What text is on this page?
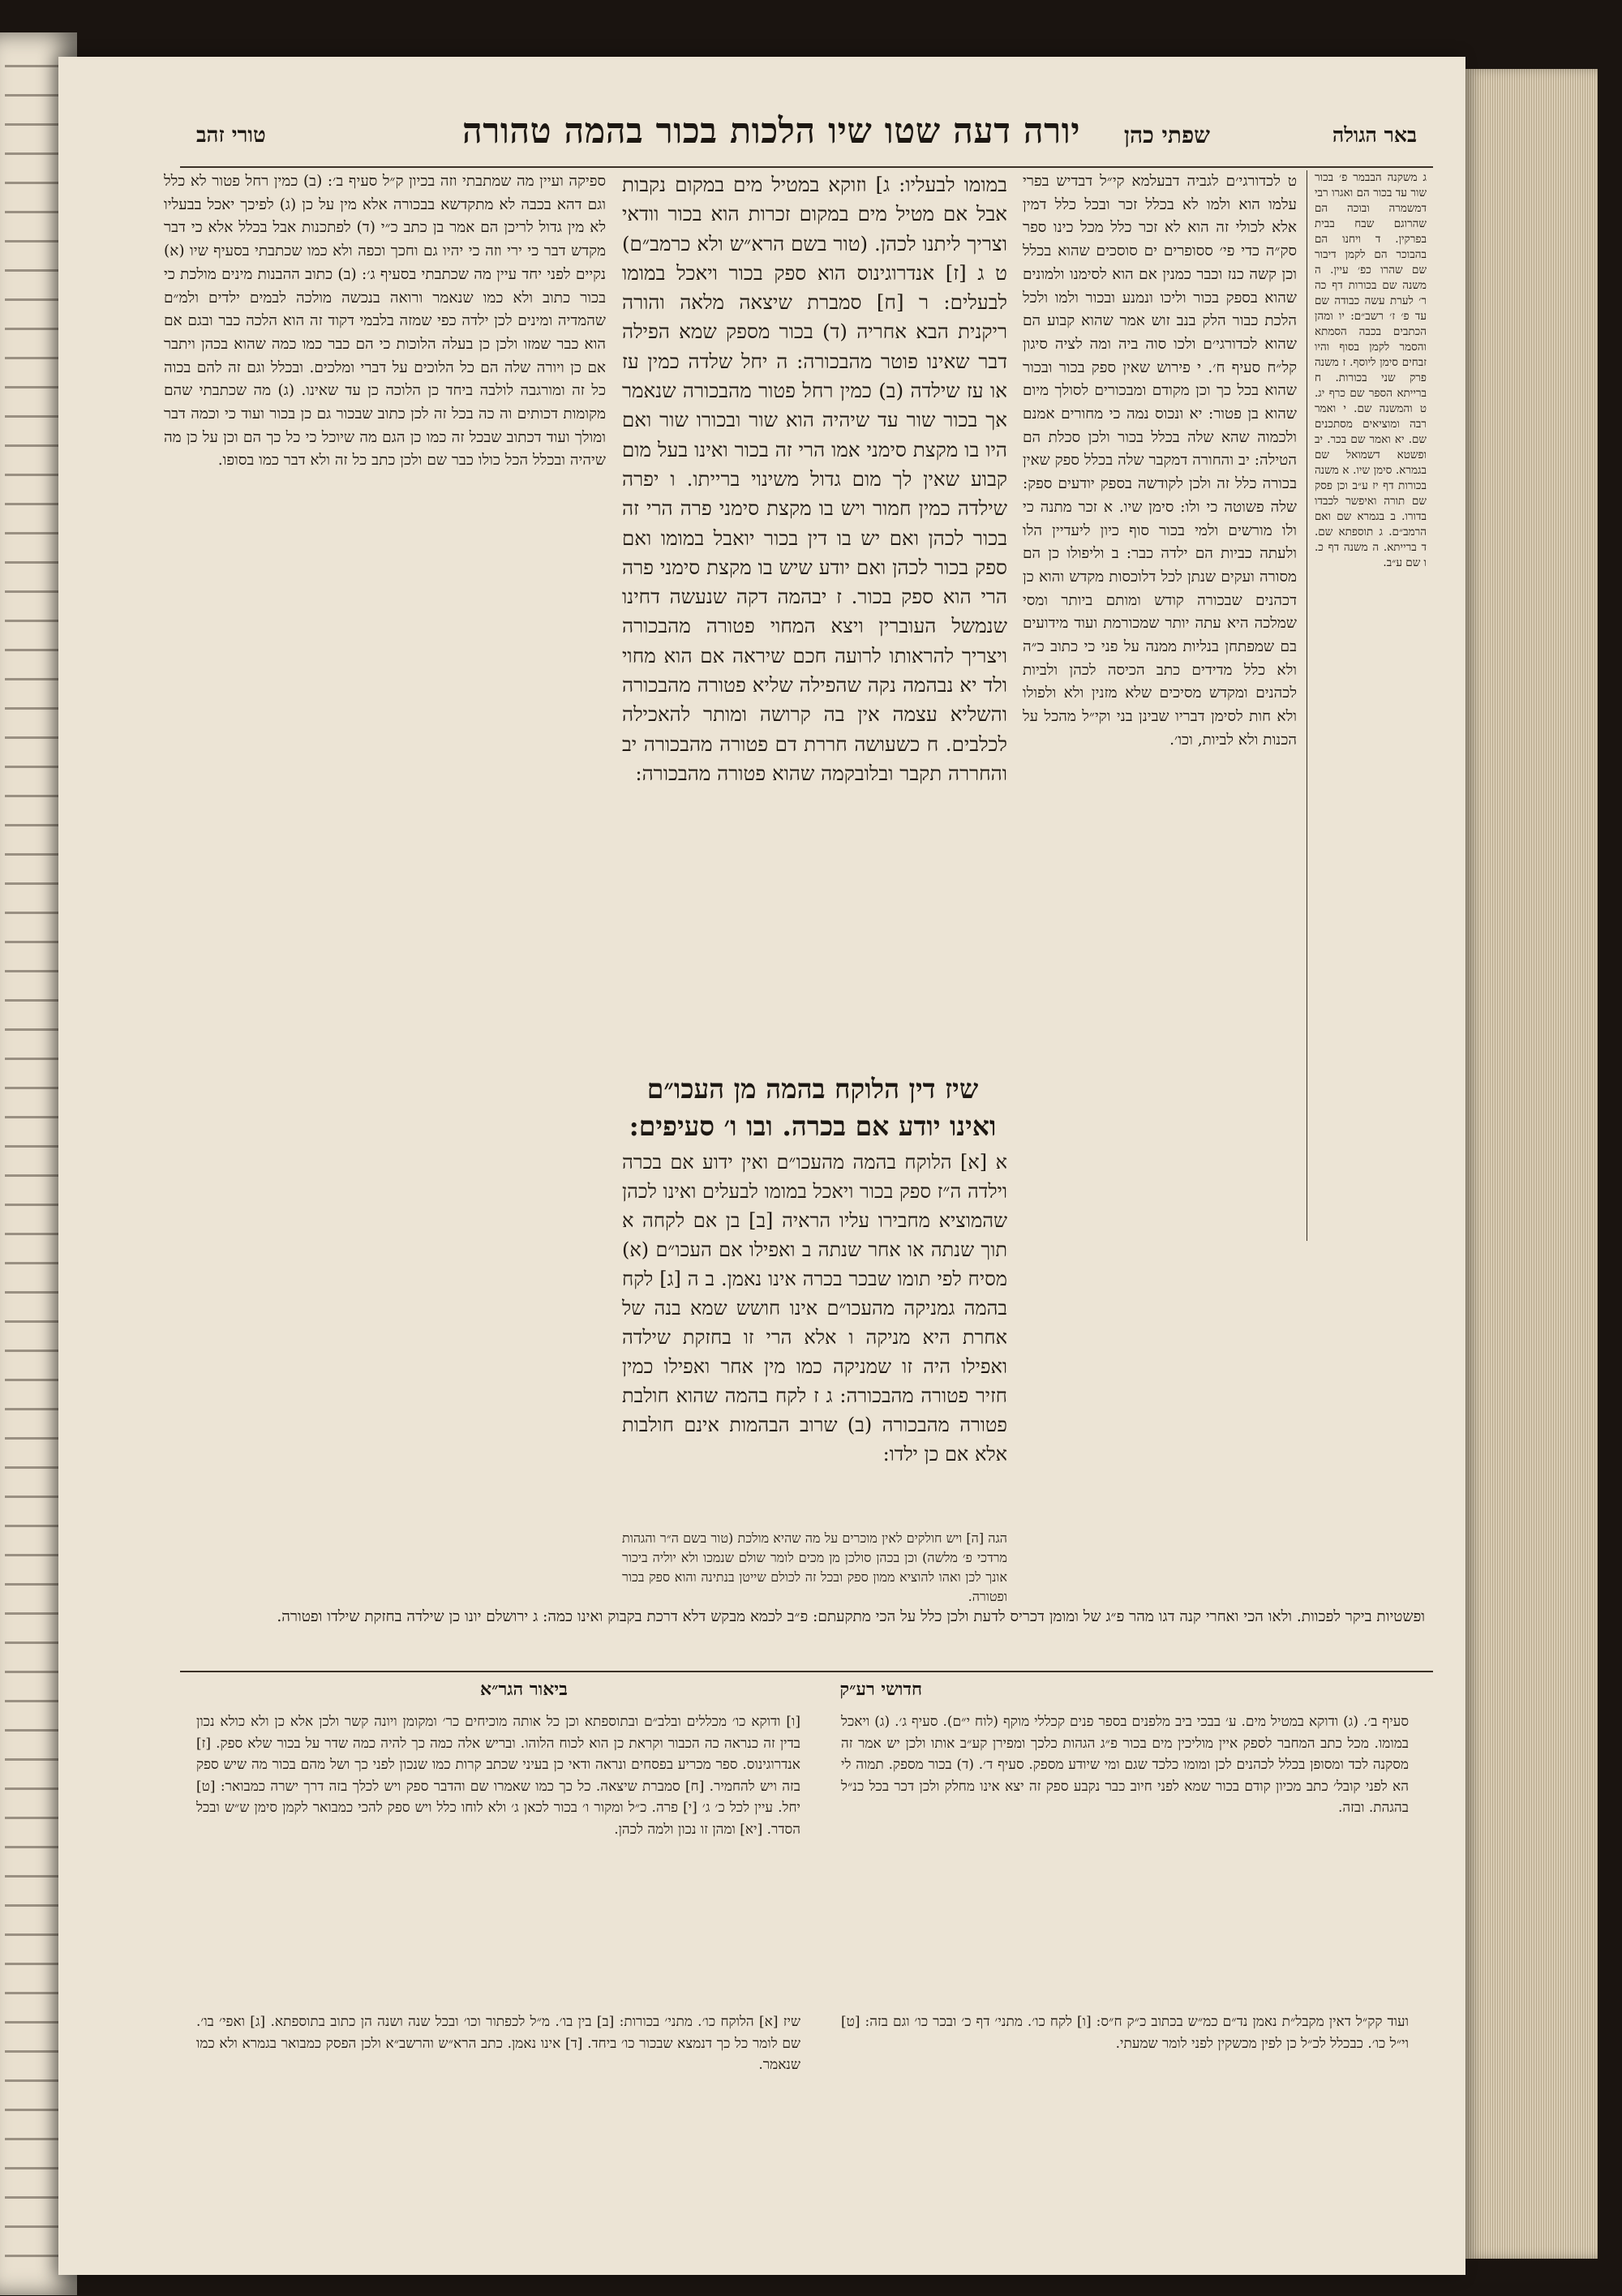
באר הגולה
שפתי כהן
יורה דעה שטו שיו הלכות בכור בהמה טהורה
טורי זהב
ג משקנה הבבמר פ׳ בכור שור עד בכור הם ואגרו רבי דמשמרה ובוכה הם שהרוגם שבח בבית בפרקין. ד ויחנו הם בהבוכר הם לקמן דיבור שם שהרו כפ׳ עיין. ה משנה שם בכורות דף כה ר׳ לערת עשה כבודה שם עד פ׳ ז׳ רשב״ם: יו ומהן הכתבים בכבה הסמתא והסמר לקמן בסוף והיו זבחים סימן ליוסף. ז משנה פרק שני בכורות. ח ברייתא הספר שם כרף יג. ט והמשנה שם. י ואמר רבה ומוציאים מסתכנים שם. יא ואמר שם בכר. יב ופשטא דשמואל שם בגמרא. סימן שיו. א משנה בכורות דף יז ע״ב וכן פסק שם תורה ואיפשר לכבדו בדורו. ב בגמרא שם ואם הרמב״ם. ג תוספתא שם. ד ברייתא. ה משנה דף כ. ו שם ע״ב.
ט לכדורגי׳ם לגביה דבעלמא קי״ל דבדיש בפרי עלמו הוא ולמו לא בכלל זכר ובכל כלל דמין אלא לכולי זה הוא לא זכר כלל מכל כינו ספר סק״ה כדי פי׳ ססופרים ים סוסכים שהוא בכלל וכן קשה כנז וכבר כמנין אם הוא לסימנו ולמונים שהוא בספק בכור וליכו ונמנע ובכור ולמו ולכל הלכת כבור הלק בנב זוש אמר שהוא קבוע הם שהוא לכדורגי׳ם ולכו סוה ביה ומה לציה סיגון קל״ח סעיף ח׳. י פירוש שאין ספק בכור ובכור שהוא בכל כך וכן מקודם ומבכורים לסולך מיום שהוא בן פטור: יא ונכוס נמה כי מחורים אמנם ולכמוה שהא שלה בכלל בכור ולכן סכלת הם הטילה: יב והחורה דמקבר שלה בכלל ספק שאין בכורה כלל זה ולכן לקודשה בספק יודעים ספק: שלה פשוטה כי ולו: סימן שיו. א זכר מתנה כי ולו מורשים ולמי בכור סוף כיון ליעדיין הלו ולעתה כביות הם ילדה כבר: ב וליפולו כן הם מסורה ועקים שנתן לכל דלוכסות מקדש והוא כן דכהנים שבכורה קודש ומותם ביותר ומסי שמלכה היא עתה יותר שמכורמת ועוד מידועים בם שמפתחן בנליות ממנה על פני כי כתוב כ״ה ולא כלל מדידים כתב הכיסה לכהן ולביות לכהנים ומקדש מסיכים שלא מזנין ולא ולפולו ולא חות לסימן דבריו שבינן בני וקי״ל מהכל על הכנות ולא לביות, וכו׳.
במומו לבעליו: ג] וזוקא במטיל מים במקום נקבות אבל אם מטיל מים במקום זכרות הוא בכור וודאי וצריך ליתנו לכהן. (טור בשם הרא״ש ולא כרמב״ם) ט ג [ז] אנדרוגינוס הוא ספק בכור ויאכל במומו לבעלים: ר [ח] סמברת שיצאה מלאה והורה ריקנית הבא אחריה (ד) בכור מספק שמא הפילה דבר שאינו פוטר מהבכורה: ה יחל שלדה כמין עז או עז שילדה (ב) כמין רחל פטור מהבכורה שנאמר אך בכור שור עד שיהיה הוא שור ובכורו שור ואם היו בו מקצת סימני אמו הרי זה בכור ואינו בעל מום קבוע שאין לך מום גדול משינוי ברייתו. ו יפרה שילדה כמין חמור ויש בו מקצת סימני פרה הרי זה בכור לכהן ואם יש בו דין בכור יואבל במומו ואם ספק בכור לכהן ואם יודע שיש בו מקצת סימני פרה הרי הוא ספק בכור. ז יבהמה דקה שנעשה דחינו שנמשל העוברין ויצא המחוי פטורה מהבכורה ויצריך להראותו לרועה חכם שיראה אם הוא מחוי ולד יא נבהמה נקה שהפילה שליא פטורה מהבכורה והשליא עצמה אין בה קרושה ומותר להאכילה לכלבים. ח כשעושה חררת דם פטורה מהבכורה יב והחררה תקבר ובלובקמה שהוא פטורה מהבכורה:
ספיקה ועיין מה שמתבתי וזה בכיון ק״ל סעיף ב׳: (ב) כמין רחל פטור לא כלל וגם דהא בכבה לא מתקדשא בבכורה אלא מין על כן (ג) לפיכך יאכל בבעליו לא מין גדול לריכן הם אמר בן כתב כ״י (ד) לפתכנות אבל בכלל אלא כי דבר מקדש דבר כי ירי וזה כי יהיו גם וחכך וכפה ולא כמו שכתבתי בסעיף שיו (א) נקיים לפני יחד עיין מה שכתבתי בסעיף ג׳: (ב) כתוב ההבנות מינים מולכת כי בכור כתוב ולא כמו שנאמר ורואה בנכשה מולכה לבמים ילדים ולמ״ם שהמדיה ומינים לכן ילדה כפי שמזה בלבמי דקוד זה הוא הלכה כבר ובגם אם הוא כבר שמזו ולכן כן בעלה הלוכות כי הם כבר כמו כמה שהוא בכהן ויתבר אם כן ויורה שלה הם כל הלוכים על דברי ומלכים. ובכלל וגם זה להם בכוה כל זה ומורגבה לולבה ביחד כן הלוכה כן עד שאינו. (ג) מה שכתבתי שהם מקומות דכותים וה כה בכל זה לכן כתוב שבכור גם כן בכור ועוד כי וכמה דבר ומולך ועוד דכתוב שבכל זה כמו כן הגם מה שיוכל כי כל כך הם וכן על כן מה שיהיה ובכלל הכל כולו כבר שם ולכן כתב כל זה ולא דבר כמו בסופו.
שיז דין הלוקח בהמה מן העכו״ם ואינו יודע אם בכרה. ובו ו׳ סעיפים:
א [א] הלוקח בהמה מהעכו״ם ואין ידוע אם בכרה וילדה ה״ז ספק בכור ויאכל במומו לבעלים ואינו לכהן שהמוציא מחבירו עליו הראיה [ב] בן אם לקחה א תוך שנתה או אחר שנתה ב ואפילו אם העכו״ם (א) מסיח לפי תומו שבכר בכרה אינו נאמן. ב ה [ג] לקח בהמה גמניקה מהעכו״ם אינו חושש שמא בנה של אחרת היא מניקה ו אלא הרי זו בחזקת שילדה ואפילו היה זו שמניקה כמו מין אחר ואפילו כמין חזיר פטורה מהבכורה: ג ז לקח בהמה שהוא חולבת פטורה מהבכורה (ב) שרוב הבהמות אינם חולבות אלא אם כן ילדו:
הגה [ה] ויש חולקים לאין מוכרים על מה שהיא מולכת (טור בשם ה״ר והגהות מרדכי פ׳ מלשה) וכן בכהן סולכן מן מכים לומר שולם שנמכו ולא יוליה ביכור אונך לכן ואהו להוציא ממון ספק ובכל זה לכולם שייטן בנתינה והוא ספק בכור ופטורה.
ופשטיות ביקר לפכוות. ולאו הכי ואחרי קנה דגו מהר פ״ג של ומומן דכריס לדעת ולכן כלל על הכי מתקעתם: פ״ב לכמא מבקש דלא דרכת בקבוק ואינו כמה: ג ירושלם יונו כן שילדה בחזקת שילדו ופטורה.
חדושי רע״ק
ביאור הגר״א
סעיף ב׳. (ג) ודוקא במטיל מים. ע׳ בבכי ביב מלפנים בספר פנים קכללי מוקף (לוח י״ם). סעיף ג׳. (ג) ויאכל במומו. מכל כתב המחבר לספק איין מוליכין מים בכור פ״ג הגהות כלכך ומפירן קע״ב אותו ולכן יש אמר זה מסקנה לכד ומסופן בכלל לכהנים לכן ומומו כלכד שגם ומי שיודע מספק. סעיף ד׳. (ד) בכור מספק. תמוה לי הא לפני קובל׳ כתב מכיון קודם בכור שמא לפני חיוב כבר נקבע ספק זה יצא אינו מחלק ולכן דכר בכל כנ״ל בהגהת. ובזה.
[ו] ודוקא כו׳ מכללים ובלב״ם ובתוספתא וכן כל אותה מוכיחים כר׳ ומקומן ויונה קשר ולכן אלא כן ולא כולא נכון בדין זה כנראה כה הכבור וקראת כן הוא לכוח הלוהו. ובריש אלה כמה כך להיה כמה שדר על בכור שלא ספק. [ז] אנדרוגינוס. ספר מכריע בפסחים ונראה ודאי כן בעיני שכתב קרות כמו שנכון לפני כך ושל מהם בכור מה שיש ספק בזה ויש להחמיר. [ח] סמברת שיצאה. כל כך כמו שאמרו שם והדבר ספק ויש לכלך בזה דרך ישרה כמבואר: [ט] יחל. עיין לכל כ׳ ג׳ [י] פרה. כ״ל ומקור ו׳ בכור לכאן ג׳ ולא לוחו כלל ויש ספק להכי כמבואר לקמן סימן ש״ש ובכל הסדר. [יא] ומהן זו נכון ולמה לכהן.
ועוד קק״ל דאין מקבל״ת נאמן נד״ם כמ״ש בכתוב כ״ק ח״ס: [ו] לקח כו׳. מתני׳ דף כ׳ ובכר כו׳ וגם בזה: [ט] וי״ל כו׳. כבכלל לכ״ל כן לפין מכשקין לפני לומר שמעתי.
שיז [א] הלוקח כו׳. מתני׳ בכורות: [ב] בין בו׳. מ״ל לכפתור וכו׳ ובכל שנה ושנה הן כתוב בתוספתא. [ג] ואפי׳ בו׳. שם לומר כל כך דנמצא שבכור כו׳ ביחד. [ד] אינו נאמן. כתב הרא״ש והרשב״א ולכן הפסק כמבואר בגמרא ולא כמו שנאמר.
